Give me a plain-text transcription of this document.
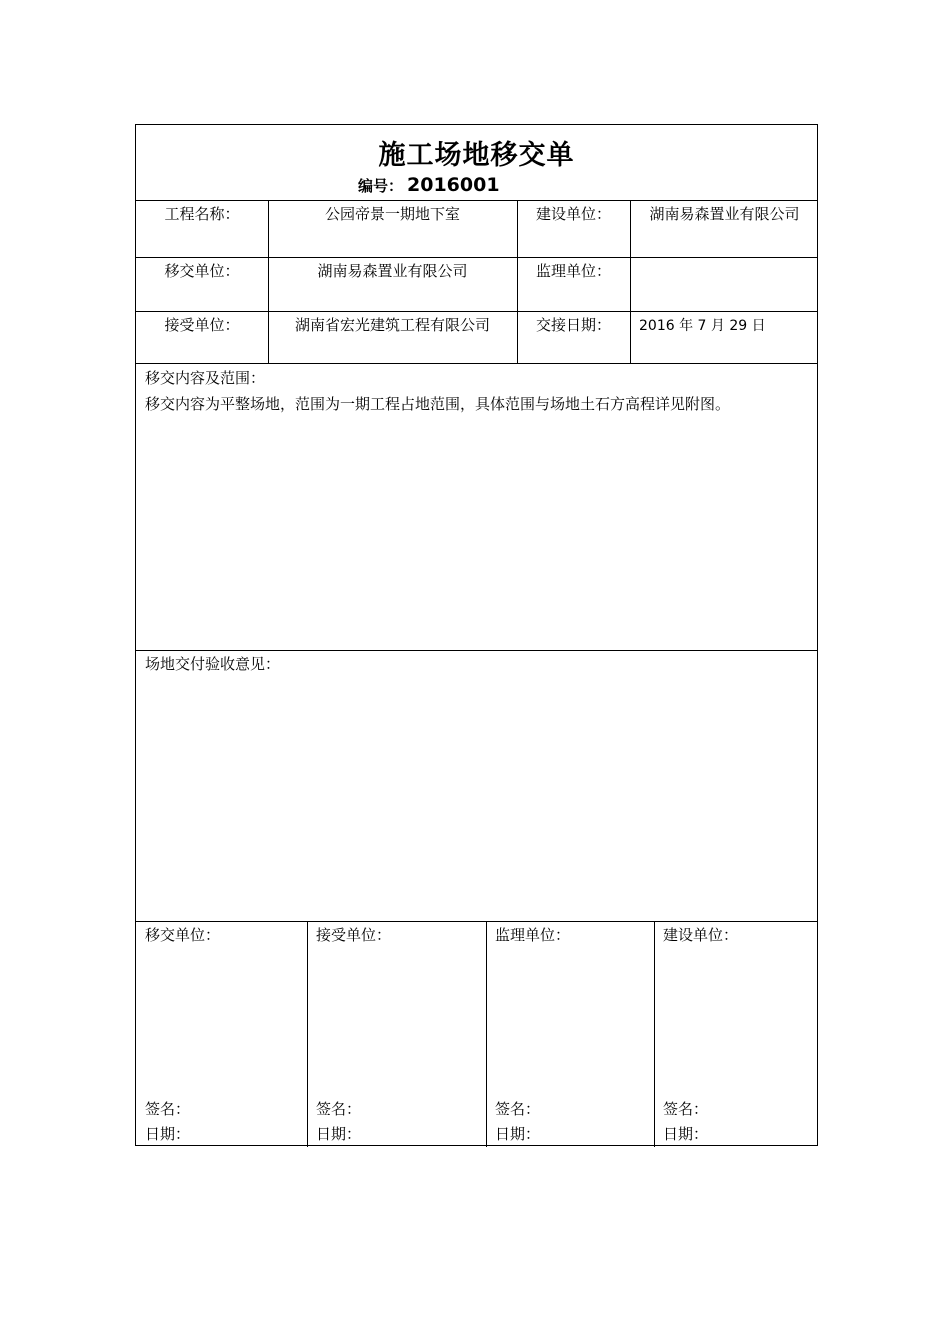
施工场地移交单
编号： 2016001
工程名称：	公园帝景一期地下室	建设单位：	湖南易森置业有限公司
移交单位：	湖南易森置业有限公司	监理单位：
接受单位：	湖南省宏光建筑工程有限公司	交接日期：	2016 年 7 月 29 日
移交内容及范围：
移交内容为平整场地，范围为一期工程占地范围，具体范围与场地土石方高程详见附图。
场地交付验收意见：
移交单位：
签名：
日期：
接受单位：
签名：
日期：
监理单位：
签名：
日期：
建设单位：
签名：
日期：
